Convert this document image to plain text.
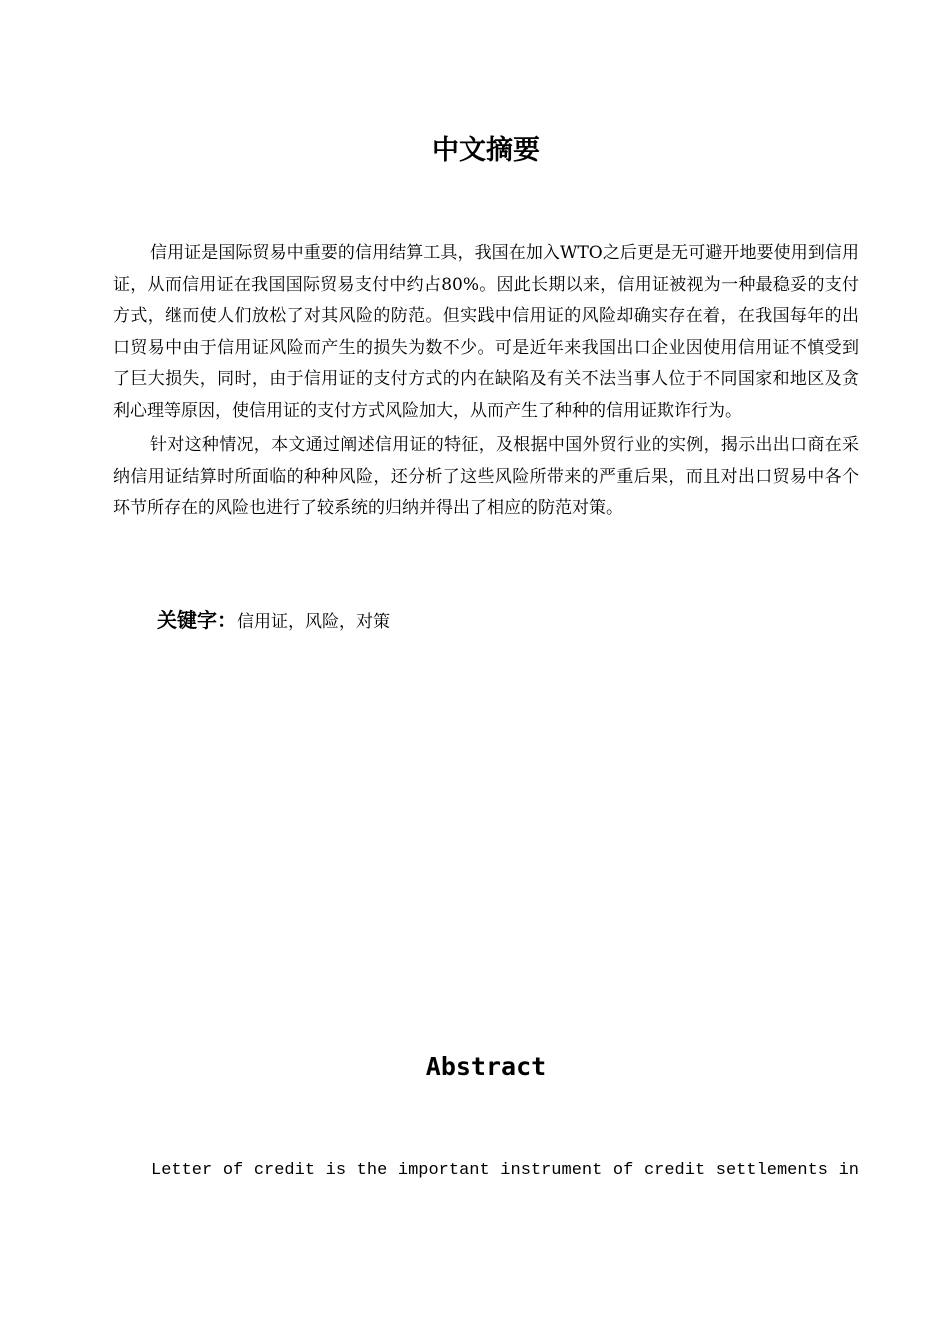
中文摘要

信用证是国际贸易中重要的信用结算工具，我国在加入WTO之后更是无可避开地要使用到信用证，从而信用证在我国国际贸易支付中约占80%。因此长期以来，信用证被视为一种最稳妥的支付方式，继而使人们放松了对其风险的防范。但实践中信用证的风险却确实存在着，在我国每年的出口贸易中由于信用证风险而产生的损失为数不少。可是近年来我国出口企业因使用信用证不慎受到了巨大损失，同时，由于信用证的支付方式的内在缺陷及有关不法当事人位于不同国家和地区及贪利心理等原因，使信用证的支付方式风险加大，从而产生了种种的信用证欺诈行为。

针对这种情况，本文通过阐述信用证的特征，及根据中国外贸行业的实例，揭示出出口商在采纳信用证结算时所面临的种种风险，还分析了这些风险所带来的严重后果，而且对出口贸易中各个环节所存在的风险也进行了较系统的归纳并得出了相应的防范对策。

关键字：信用证，风险，对策
Abstract

Letter of credit is the important instrument of credit settlements in
